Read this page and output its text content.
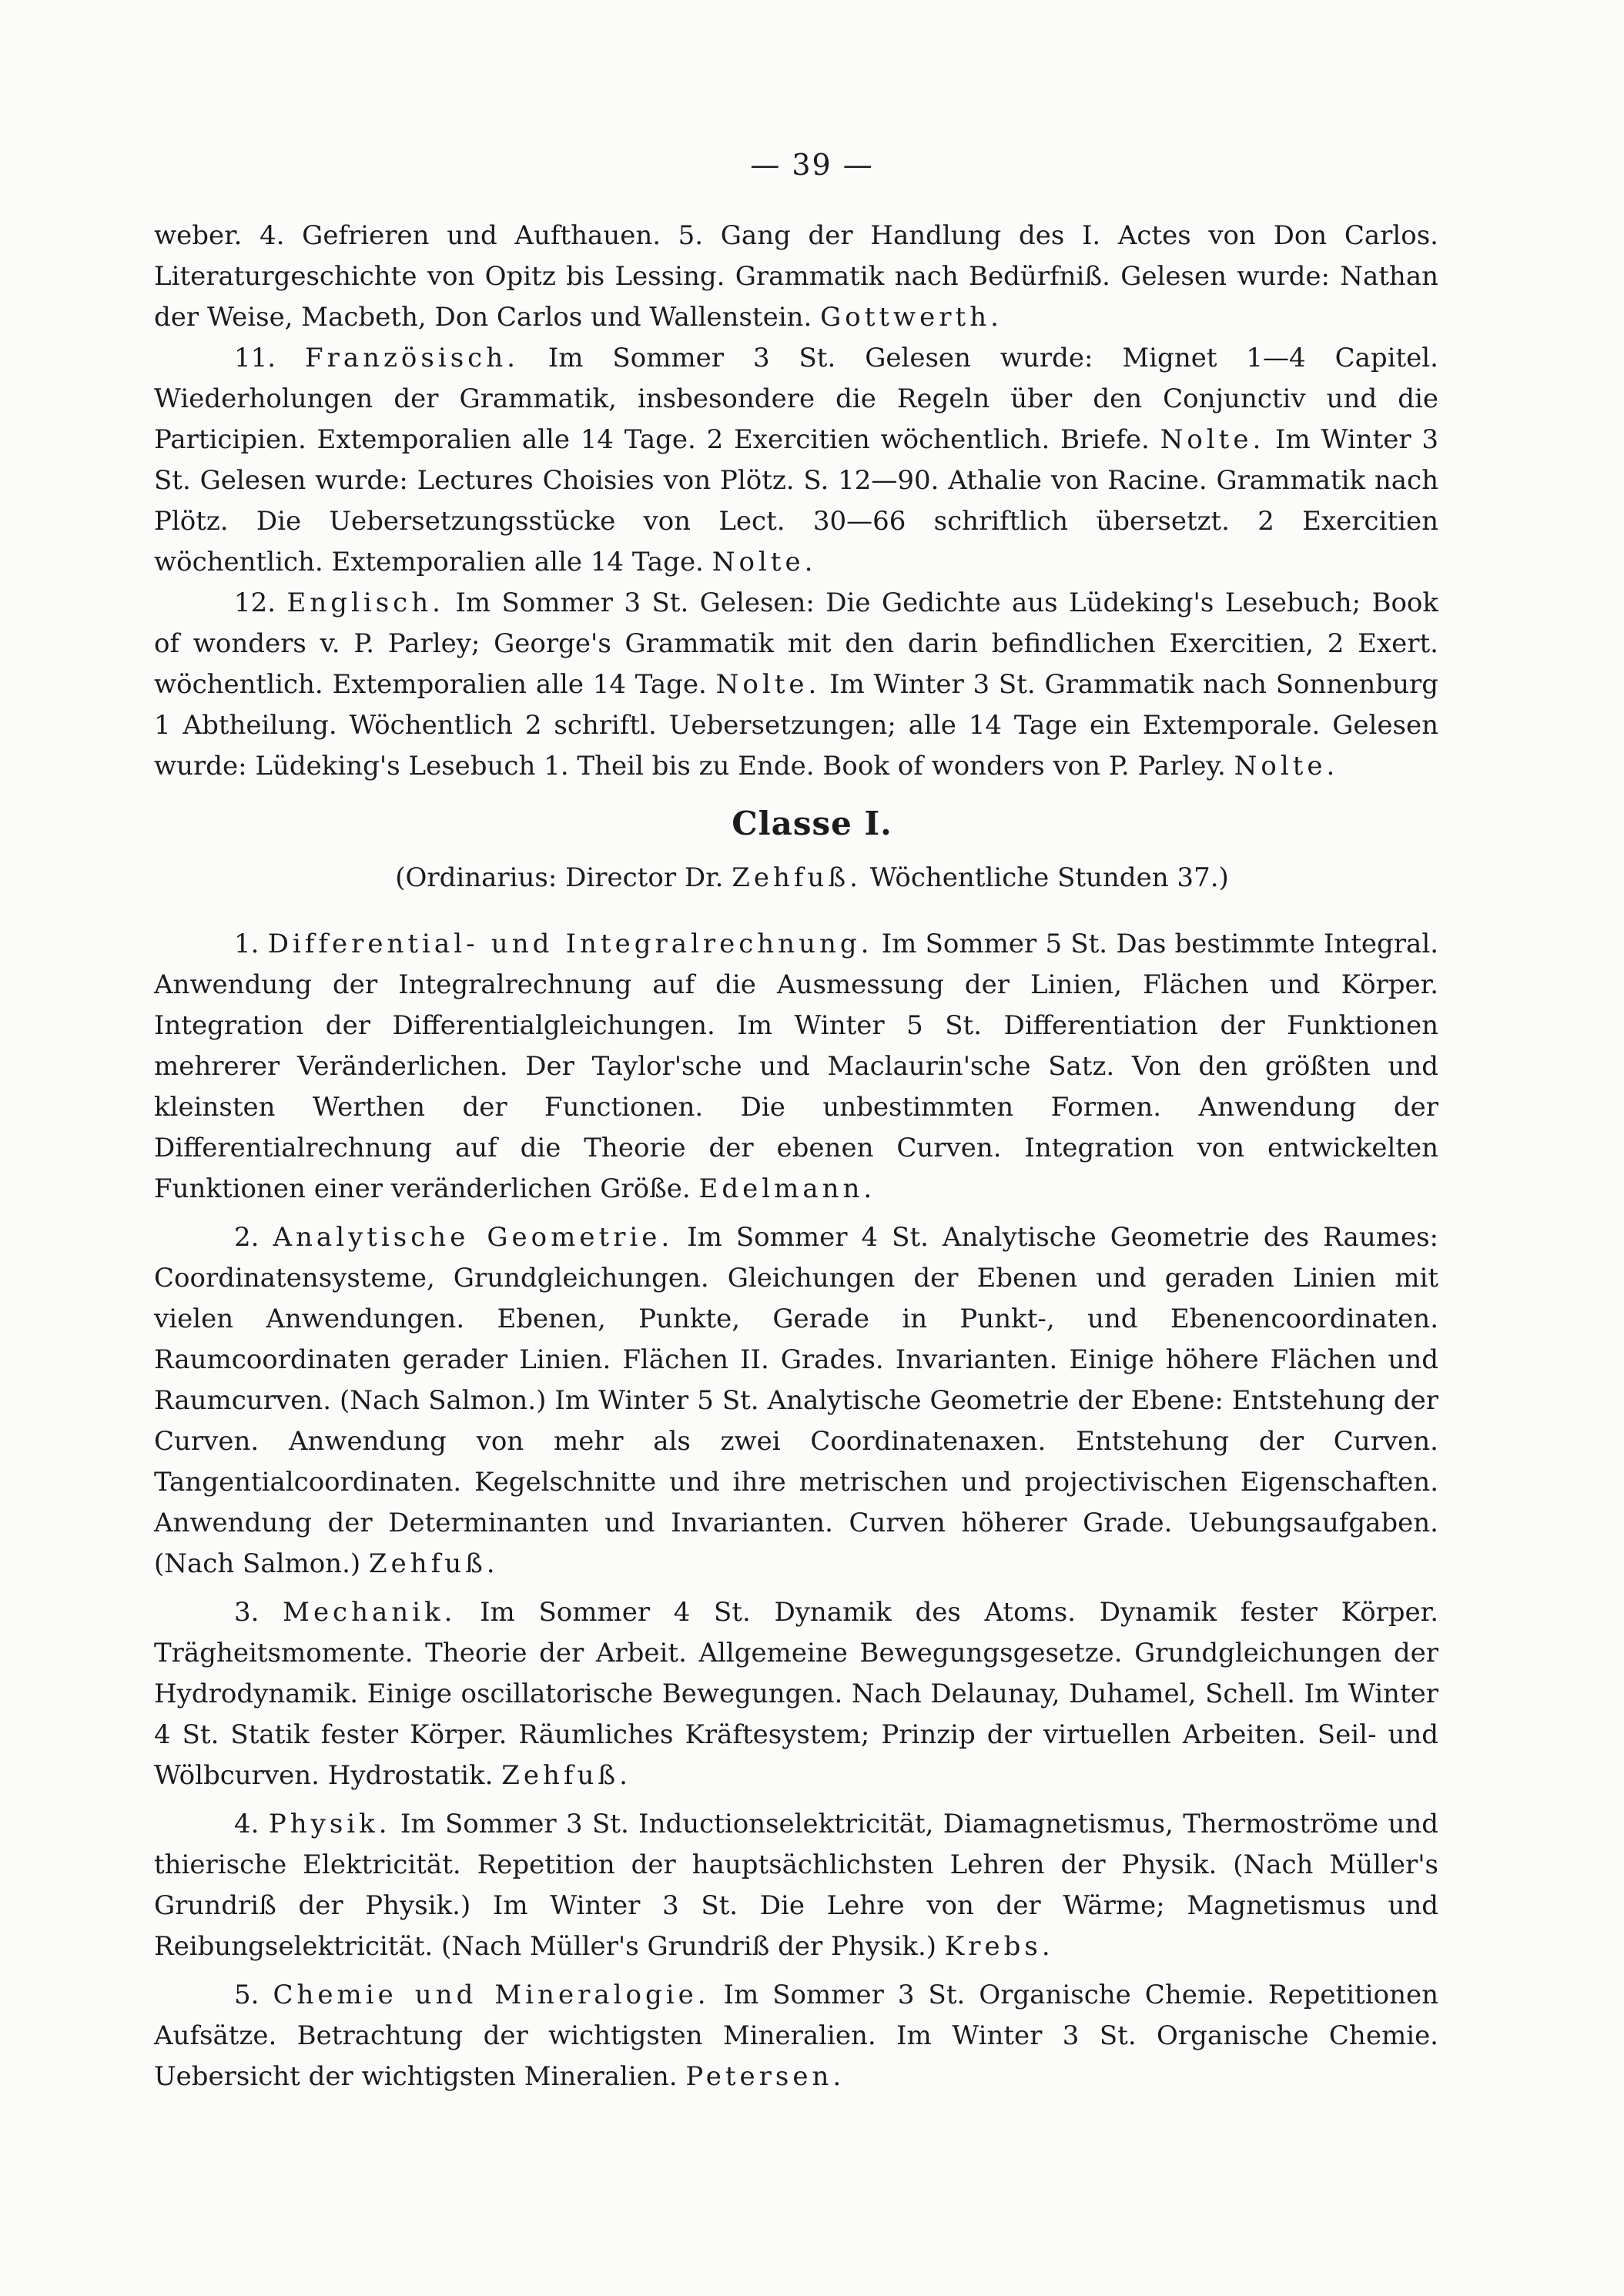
— 39 —

weber. 4. Gefrieren und Aufthauen. 5. Gang der Handlung des I. Actes von Don Carlos. Literaturgeschichte von Opitz bis Lessing. Grammatik nach Bedürfniß. Gelesen wurde: Nathan der Weise, Macbeth, Don Carlos und Wallenstein. Gottwerth.

11. Französisch. Im Sommer 3 St. Gelesen wurde: Mignet 1—4 Capitel. Wiederholungen der Grammatik, insbesondere die Regeln über den Conjunctiv und die Participien. Extemporalien alle 14 Tage. 2 Exercitien wöchentlich. Briefe. Nolte. Im Winter 3 St. Gelesen wurde: Lectures Choisies von Plötz. S. 12—90. Athalie von Racine. Grammatik nach Plötz. Die Uebersetzungsstücke von Lect. 30—66 schriftlich übersetzt. 2 Exercitien wöchentlich. Extemporalien alle 14 Tage. Nolte.

12. Englisch. Im Sommer 3 St. Gelesen: Die Gedichte aus Lüdeking's Lesebuch; Book of wonders v. P. Parley; George's Grammatik mit den darin befindlichen Exercitien, 2 Exert. wöchentlich. Extemporalien alle 14 Tage. Nolte. Im Winter 3 St. Grammatik nach Sonnenburg 1 Abtheilung. Wöchentlich 2 schriftl. Uebersetzungen; alle 14 Tage ein Extemporale. Gelesen wurde: Lüdeking's Lesebuch 1. Theil bis zu Ende. Book of wonders von P. Parley. Nolte.

Classe I.
(Ordinarius: Director Dr. Zehfuß. Wöchentliche Stunden 37.)

1. Differential- und Integralrechnung. Im Sommer 5 St. Das bestimmte Integral. Anwendung der Integralrechnung auf die Ausmessung der Linien, Flächen und Körper. Integration der Differentialgleichungen. Im Winter 5 St. Differentiation der Funktionen mehrerer Veränderlichen. Der Taylor'sche und Maclaurin'sche Satz. Von den größten und kleinsten Werthen der Functionen. Die unbestimmten Formen. Anwendung der Differentialrechnung auf die Theorie der ebenen Curven. Integration von entwickelten Funktionen einer veränderlichen Größe. Edelmann.

2. Analytische Geometrie. Im Sommer 4 St. Analytische Geometrie des Raumes: Coordinatensysteme, Grundgleichungen. Gleichungen der Ebenen und geraden Linien mit vielen Anwendungen. Ebenen, Punkte, Gerade in Punkt-, und Ebenencoordinaten. Raumcoordinaten gerader Linien. Flächen II. Grades. Invarianten. Einige höhere Flächen und Raumcurven. (Nach Salmon.) Im Winter 5 St. Analytische Geometrie der Ebene: Entstehung der Curven. Anwendung von mehr als zwei Coordinatenaxen. Entstehung der Curven. Tangentialcoordinaten. Kegelschnitte und ihre metrischen und projectivischen Eigenschaften. Anwendung der Determinanten und Invarianten. Curven höherer Grade. Uebungsaufgaben. (Nach Salmon.) Zehfuß.

3. Mechanik. Im Sommer 4 St. Dynamik des Atoms. Dynamik fester Körper. Trägheitsmomente. Theorie der Arbeit. Allgemeine Bewegungsgesetze. Grundgleichungen der Hydrodynamik. Einige oscillatorische Bewegungen. Nach Delaunay, Duhamel, Schell. Im Winter 4 St. Statik fester Körper. Räumliches Kräftesystem; Prinzip der virtuellen Arbeiten. Seil- und Wölbcurven. Hydrostatik. Zehfuß.

4. Physik. Im Sommer 3 St. Inductionselektricität, Diamagnetismus, Thermoströme und thierische Elektricität. Repetition der hauptsächlichsten Lehren der Physik. (Nach Müller's Grundriß der Physik.) Im Winter 3 St. Die Lehre von der Wärme; Magnetismus und Reibungselektricität. (Nach Müller's Grundriß der Physik.) Krebs.

5. Chemie und Mineralogie. Im Sommer 3 St. Organische Chemie. Repetitionen Aufsätze. Betrachtung der wichtigsten Mineralien. Im Winter 3 St. Organische Chemie. Uebersicht der wichtigsten Mineralien. Petersen.
